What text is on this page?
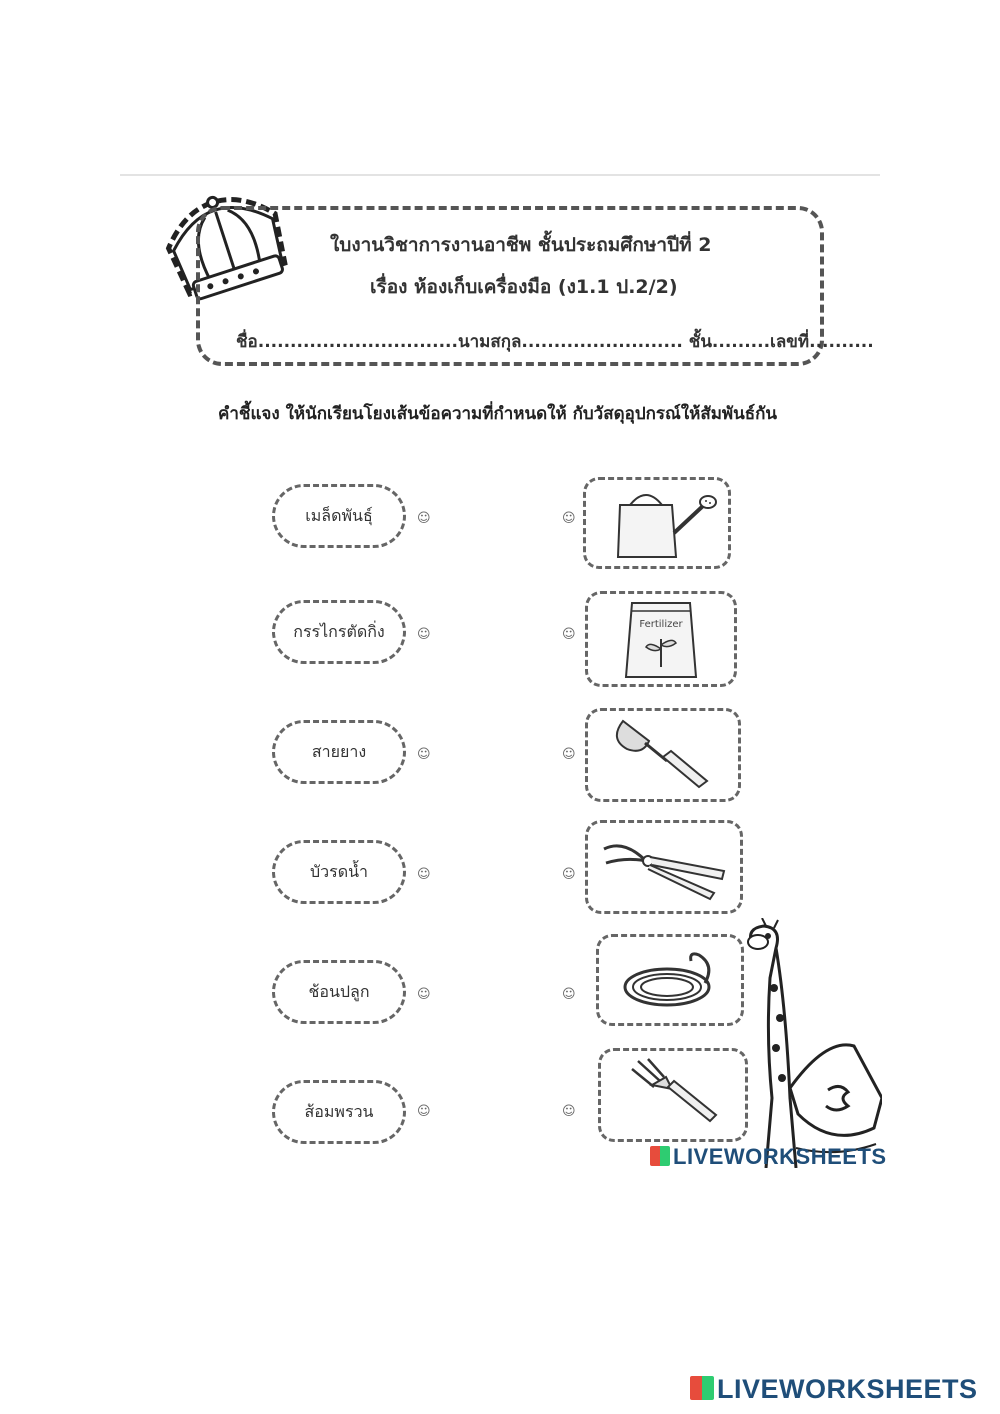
ใบงานวิชาการงานอาชีพ ชั้นประถมศึกษาปีที่ 2
เรื่อง ห้องเก็บเครื่องมือ (ง1.1 ป.2/2)
ชื่อ...............................นามสกุล......................... ชั้น.........เลขที่..........
คำชี้แจง ให้นักเรียนโยงเส้นข้อความที่กำหนดให้ กับวัสดุอุปกรณ์ให้สัมพันธ์กัน
เมล็ดพันธุ์
กรรไกรตัดกิ่ง
สายยาง
บัวรดน้ำ
ช้อนปลูก
ส้อมพรวน
☺
☺
☺
☺
☺
☺
☺
☺
☺
☺
☺
☺
Fertilizer
LIVEWORKSHEETS
LIVEWORKSHEETS
